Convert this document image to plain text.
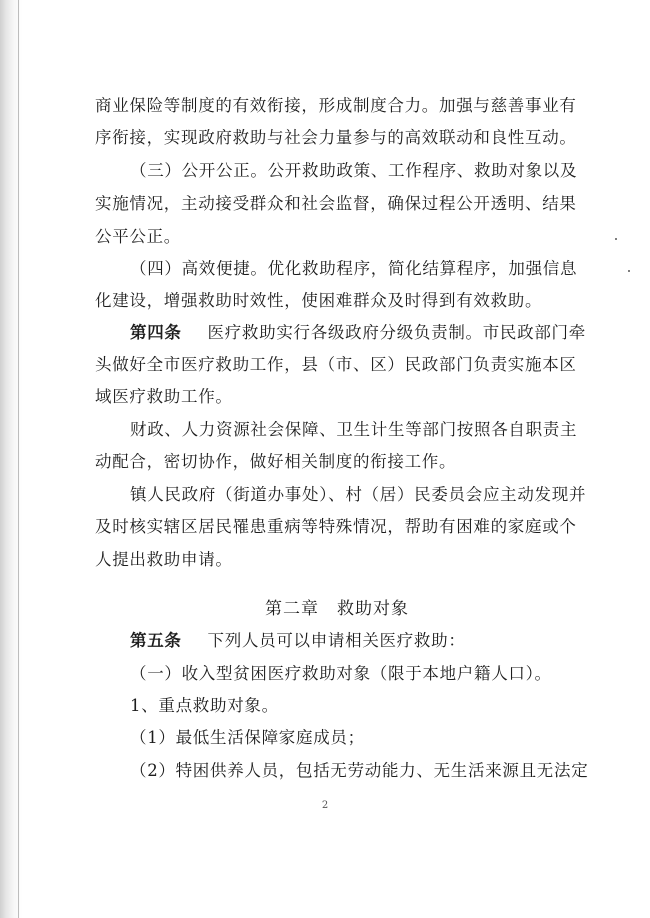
商业保险等制度的有效衔接，形成制度合力。加强与慈善事业有
序衔接，实现政府救助与社会力量参与的高效联动和良性互动。
（三）公开公正。公开救助政策、工作程序、救助对象以及
实施情况，主动接受群众和社会监督，确保过程公开透明、结果
公平公正。
（四）高效便捷。优化救助程序，简化结算程序，加强信息
化建设，增强救助时效性，使困难群众及时得到有效救助。
第四条 医疗救助实行各级政府分级负责制。市民政部门牵
头做好全市医疗救助工作，县（市、区）民政部门负责实施本区
域医疗救助工作。
财政、人力资源社会保障、卫生计生等部门按照各自职责主
动配合，密切协作，做好相关制度的衔接工作。
镇人民政府（街道办事处）、村（居）民委员会应主动发现并
及时核实辖区居民罹患重病等特殊情况，帮助有困难的家庭或个
人提出救助申请。
第二章　救助对象
第五条 下列人员可以申请相关医疗救助：
（一）收入型贫困医疗救助对象（限于本地户籍人口）。
1、重点救助对象。
（1）最低生活保障家庭成员；
（2）特困供养人员，包括无劳动能力、无生活来源且无法定
2
